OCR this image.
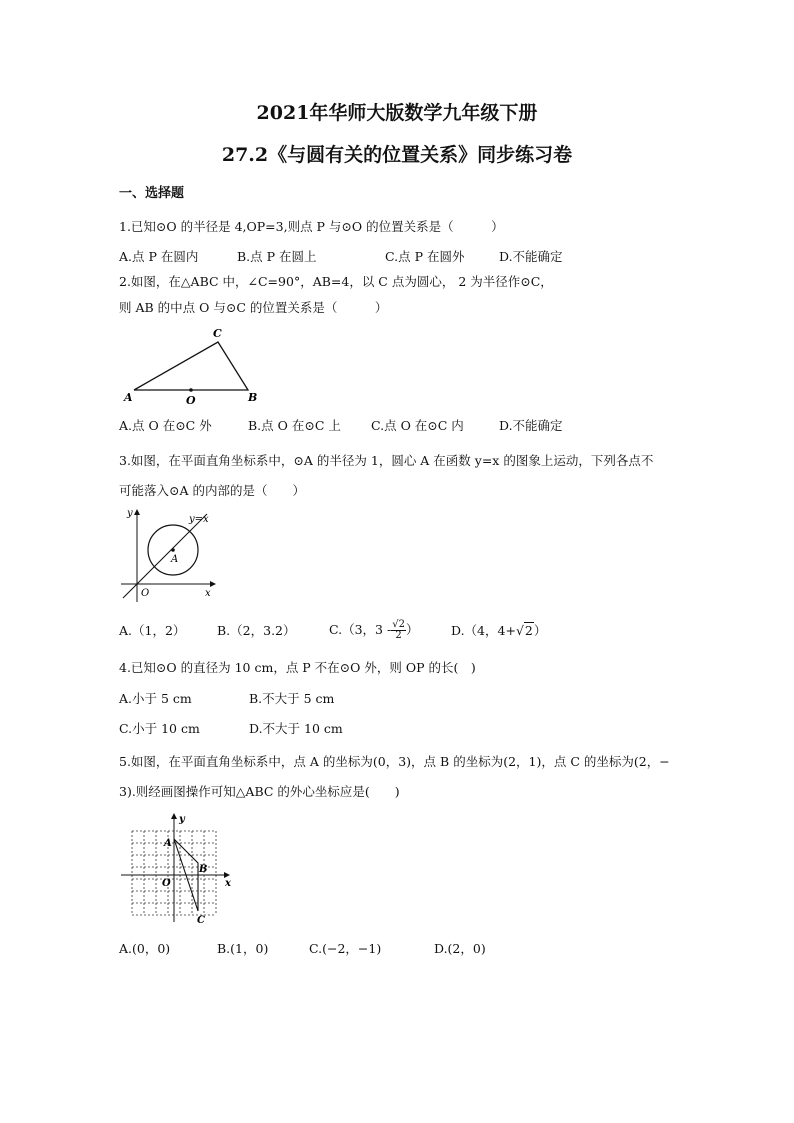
2021年华师大版数学九年级下册
27.2《与圆有关的位置关系》同步练习卷
一、选择题
1.已知⊙O 的半径是 4,OP=3,则点 P 与⊙O 的位置关系是（　　　）
A.点 P 在圆内	B.点 P 在圆上	C.点 P 在圆外	D.不能确定
2.如图，在△ABC 中，∠C=90°，AB=4，以 C 点为圆心， 2 为半径作⊙C，
则 AB 的中点 O 与⊙C 的位置关系是（　　　）
A	B
C
O
A.点 O 在⊙C 外	B.点 O 在⊙C 上 C.点 O 在⊙C 内	D.不能确定
3.如图，在平面直角坐标系中，⊙A 的半径为 1，圆心 A 在函数 y=x 的图象上运动，下列各点不
可能落入⊙A 的内部的是（　　）
y
x
O
A
y=x
A.（1，2）	B.（2，3.2）	C.（3，$3 - \frac{√2}{2}$ ）	D.（4，4+√2）
4.已知⊙O 的直径为 10 cm，点 P 不在⊙O 外，则 OP 的长(　)
A.小于 5 cm	B.不大于 5 cm
C.小于 10 cm	D.不大于 10 cm
5.如图，在平面直角坐标系中，点 A 的坐标为(0，3)，点 B 的坐标为(2，1)，点 C 的坐标为(2，−
3).则经画图操作可知△ABC 的外心坐标应是(　　)
y
x
O
A
B
C
A.(0，0)	B.(1，0)	C.(−2，−1)	D.(2，0)
